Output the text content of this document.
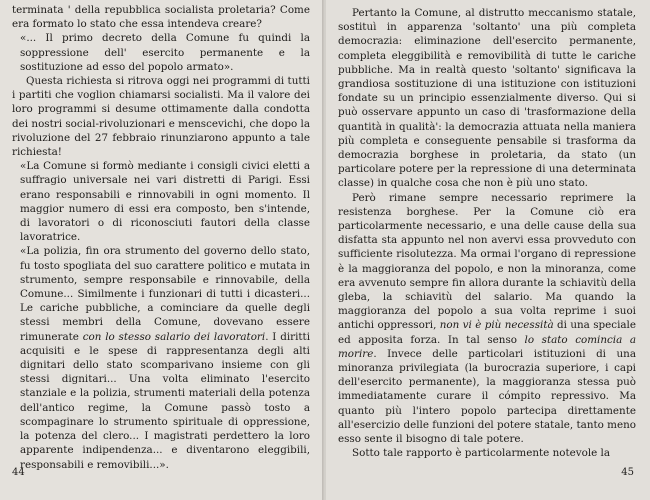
terminata ' della repubblica socialista proletaria? Come era formato lo stato che essa intendeva creare?

«... Il primo decreto della Comune fu quindi la soppressione dell' esercito permanente e la sostituzione ad esso del popolo armato».

Questa richiesta si ritrova oggi nei programmi di tutti i partiti che voglion chiamarsi socialisti. Ma il valore dei loro programmi si desume ottimamente dalla condotta dei nostri social-rivoluzionari e menscevichi, che dopo la rivoluzione del 27 febbraio rinunziarono appunto a tale richiesta!

«La Comune si formò mediante i consigli civici eletti a suffragio universale nei vari distretti di Parigi. Essi erano responsabili e rinnovabili in ogni momento. Il maggior numero di essi era composto, ben s'intende, di lavoratori o di riconosciuti fautori della classe lavoratrice.

«La polizia, fin ora strumento del governo dello stato, fu tosto spogliata del suo carattere politico e mutata in strumento, sempre responsabile e rinnovabile, della Comune... Similmente i funzionari di tutti i dicasteri... Le cariche pubbliche, a cominciare da quelle degli stessi membri della Comune, dovevano essere rimunerate con lo stesso salario dei lavoratori. I diritti acquisiti e le spese di rappresentanza degli alti dignitari dello stato scomparivano insieme con gli stessi dignitari... Una volta eliminato l'esercito stanziale e la polizia, strumenti materiali della potenza dell'antico regime, la Comune passò tosto a scompaginare lo strumento spirituale di oppressione, la potenza del clero... I magistrati perdettero la loro apparente indipendenza... e diventarono eleggibili, responsabili e removibili...».

44

Pertanto la Comune, al distrutto meccanismo statale, sostituì in apparenza 'soltanto' una più completa democrazia: eliminazione dell'esercito permanente, completa eleggibilità e removibilità di tutte le cariche pubbliche. Ma in realtà questo 'soltanto' significava la grandiosa sostituzione di una istituzione con istituzioni fondate su un principio essenzialmente diverso. Qui si può osservare appunto un caso di 'trasformazione della quantità in qualità': la democrazia attuata nella maniera più completa e conseguente pensabile si trasforma da democrazia borghese in proletaria, da stato (un particolare potere per la repressione di una determinata classe) in qualche cosa che non è più uno stato.

Però rimane sempre necessario reprimere la resistenza borghese. Per la Comune ciò era particolarmente necessario, e una delle cause della sua disfatta sta appunto nel non avervi essa provveduto con sufficiente risolutezza. Ma ormai l'organo di repressione è la maggioranza del popolo, e non la minoranza, come era avvenuto sempre fin allora durante la schiavitù della gleba, la schiavitù del salario. Ma quando la maggioranza del popolo a sua volta reprime i suoi antichi oppressori, non vi è più necessità di una speciale ed apposita forza. In tal senso lo stato comincia a morire. Invece delle particolari istituzioni di una minoranza privilegiata (la burocrazia superiore, i capi dell'esercito permanente), la maggioranza stessa può immediatamente curare il cómpito repressivo. Ma quanto più l'intero popolo partecipa direttamente all'esercizio delle funzioni del potere statale, tanto meno esso sente il bisogno di tale potere.

Sotto tale rapporto è particolarmente notevole la

45
